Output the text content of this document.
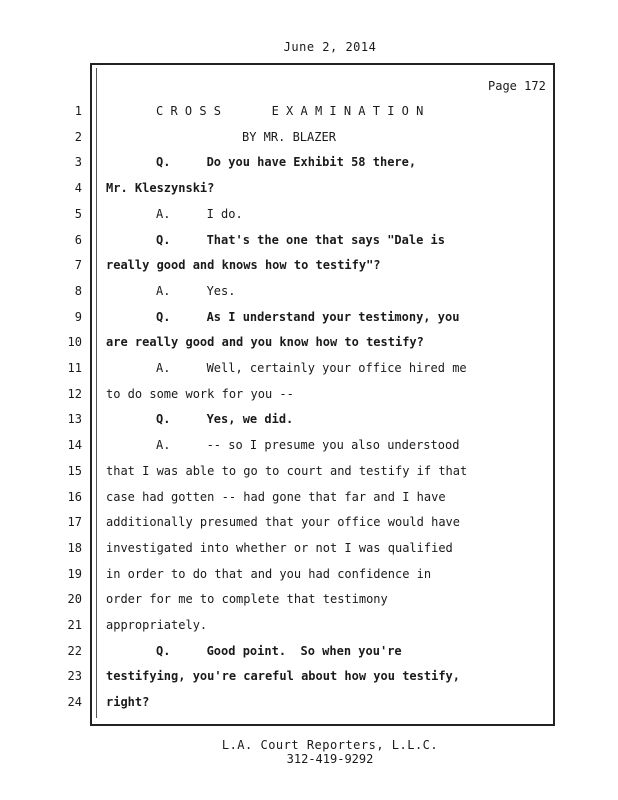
June 2, 2014
Page 172
1	C R O S S       E X A M I N A T I O N
2	BY MR. BLAZER
3	Q.     Do you have Exhibit 58 there,
4 Mr. Kleszynski?
5	A.     I do.
6	Q.     That's the one that says "Dale is
7 really good and knows how to testify"?
8	A.     Yes.
9	Q.     As I understand your testimony, you
10 are really good and you know how to testify?
11	A.     Well, certainly your office hired me
12 to do some work for you --
13	Q.     Yes, we did.
14	A.     -- so I presume you also understood
15 that I was able to go to court and testify if that
16 case had gotten -- had gone that far and I have
17 additionally presumed that your office would have
18 investigated into whether or not I was qualified
19 in order to do that and you had confidence in
20 order for me to complete that testimony
21 appropriately.
22	Q.     Good point.  So when you're
23 testifying, you're careful about how you testify,
24 right?
L.A. Court Reporters, L.L.C.
312-419-9292
